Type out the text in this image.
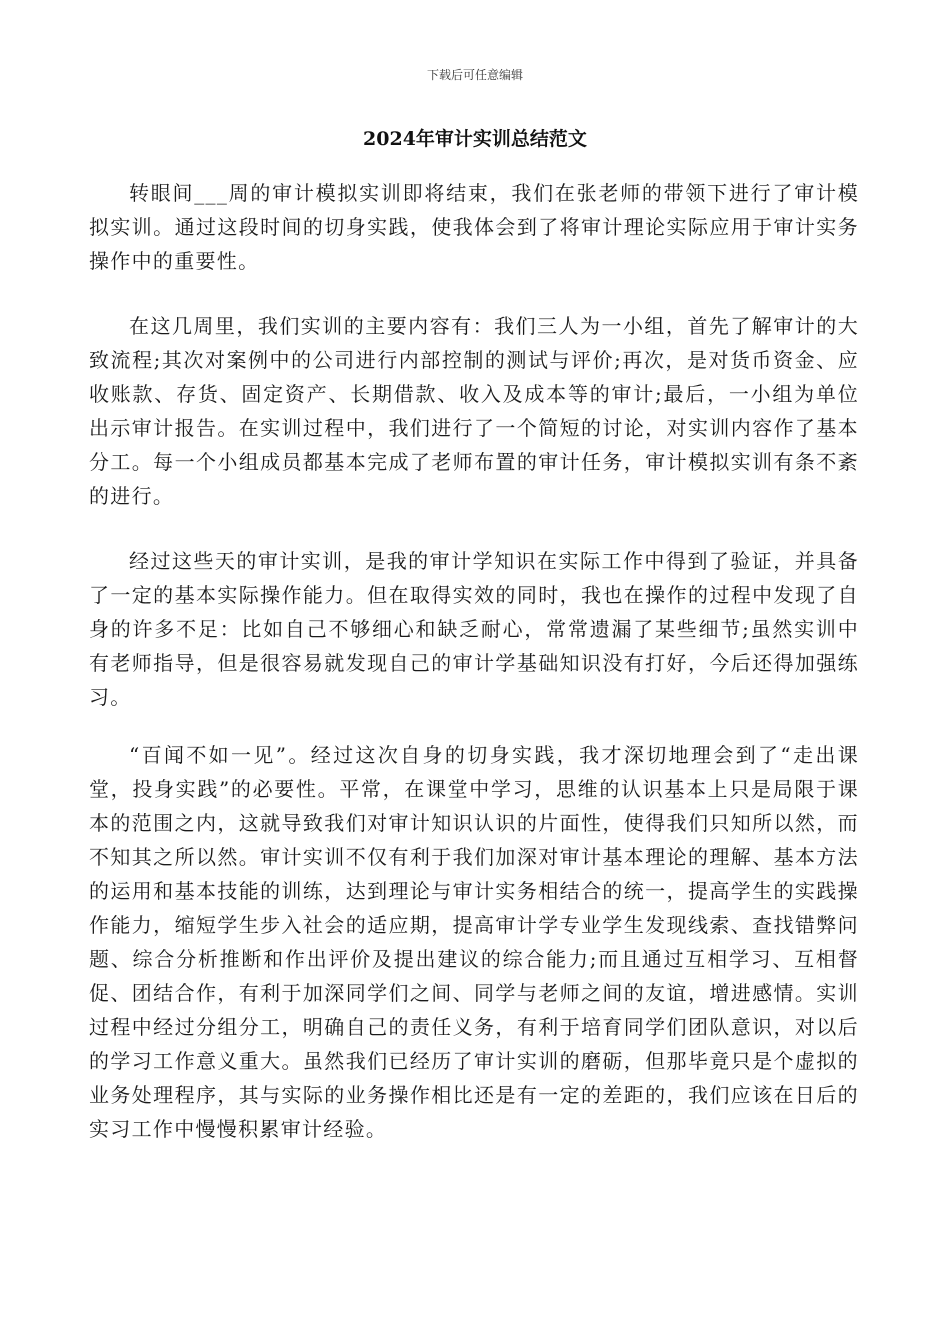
下载后可任意编辑
2024年审计实训总结范文

转眼间___周的审计模拟实训即将结束，我们在张老师的带领下进行了审计模拟实训。通过这段时间的切身实践，使我体会到了将审计理论实际应用于审计实务操作中的重要性。

在这几周里，我们实训的主要内容有：我们三人为一小组，首先了解审计的大致流程;其次对案例中的公司进行内部控制的测试与评价;再次，是对货币资金、应收账款、存货、固定资产、长期借款、收入及成本等的审计;最后，一小组为单位出示审计报告。在实训过程中，我们进行了一个简短的讨论，对实训内容作了基本分工。每一个小组成员都基本完成了老师布置的审计任务，审计模拟实训有条不紊的进行。

经过这些天的审计实训，是我的审计学知识在实际工作中得到了验证，并具备了一定的基本实际操作能力。但在取得实效的同时，我也在操作的过程中发现了自身的许多不足：比如自己不够细心和缺乏耐心，常常遗漏了某些细节;虽然实训中有老师指导，但是很容易就发现自己的审计学基础知识没有打好，今后还得加强练习。

“百闻不如一见”。经过这次自身的切身实践，我才深切地理会到了“走出课堂，投身实践”的必要性。平常，在课堂中学习，思维的认识基本上只是局限于课本的范围之内，这就导致我们对审计知识认识的片面性，使得我们只知所以然，而不知其之所以然。审计实训不仅有利于我们加深对审计基本理论的理解、基本方法的运用和基本技能的训练，达到理论与审计实务相结合的统一，提高学生的实践操作能力，缩短学生步入社会的适应期，提高审计学专业学生发现线索、查找错弊问题、综合分析推断和作出评价及提出建议的综合能力;而且通过互相学习、互相督促、团结合作，有利于加深同学们之间、同学与老师之间的友谊，增进感情。实训过程中经过分组分工，明确自己的责任义务，有利于培育同学们团队意识，对以后的学习工作意义重大。虽然我们已经历了审计实训的磨砺，但那毕竟只是个虚拟的业务处理程序，其与实际的业务操作相比还是有一定的差距的，我们应该在日后的实习工作中慢慢积累审计经验。
